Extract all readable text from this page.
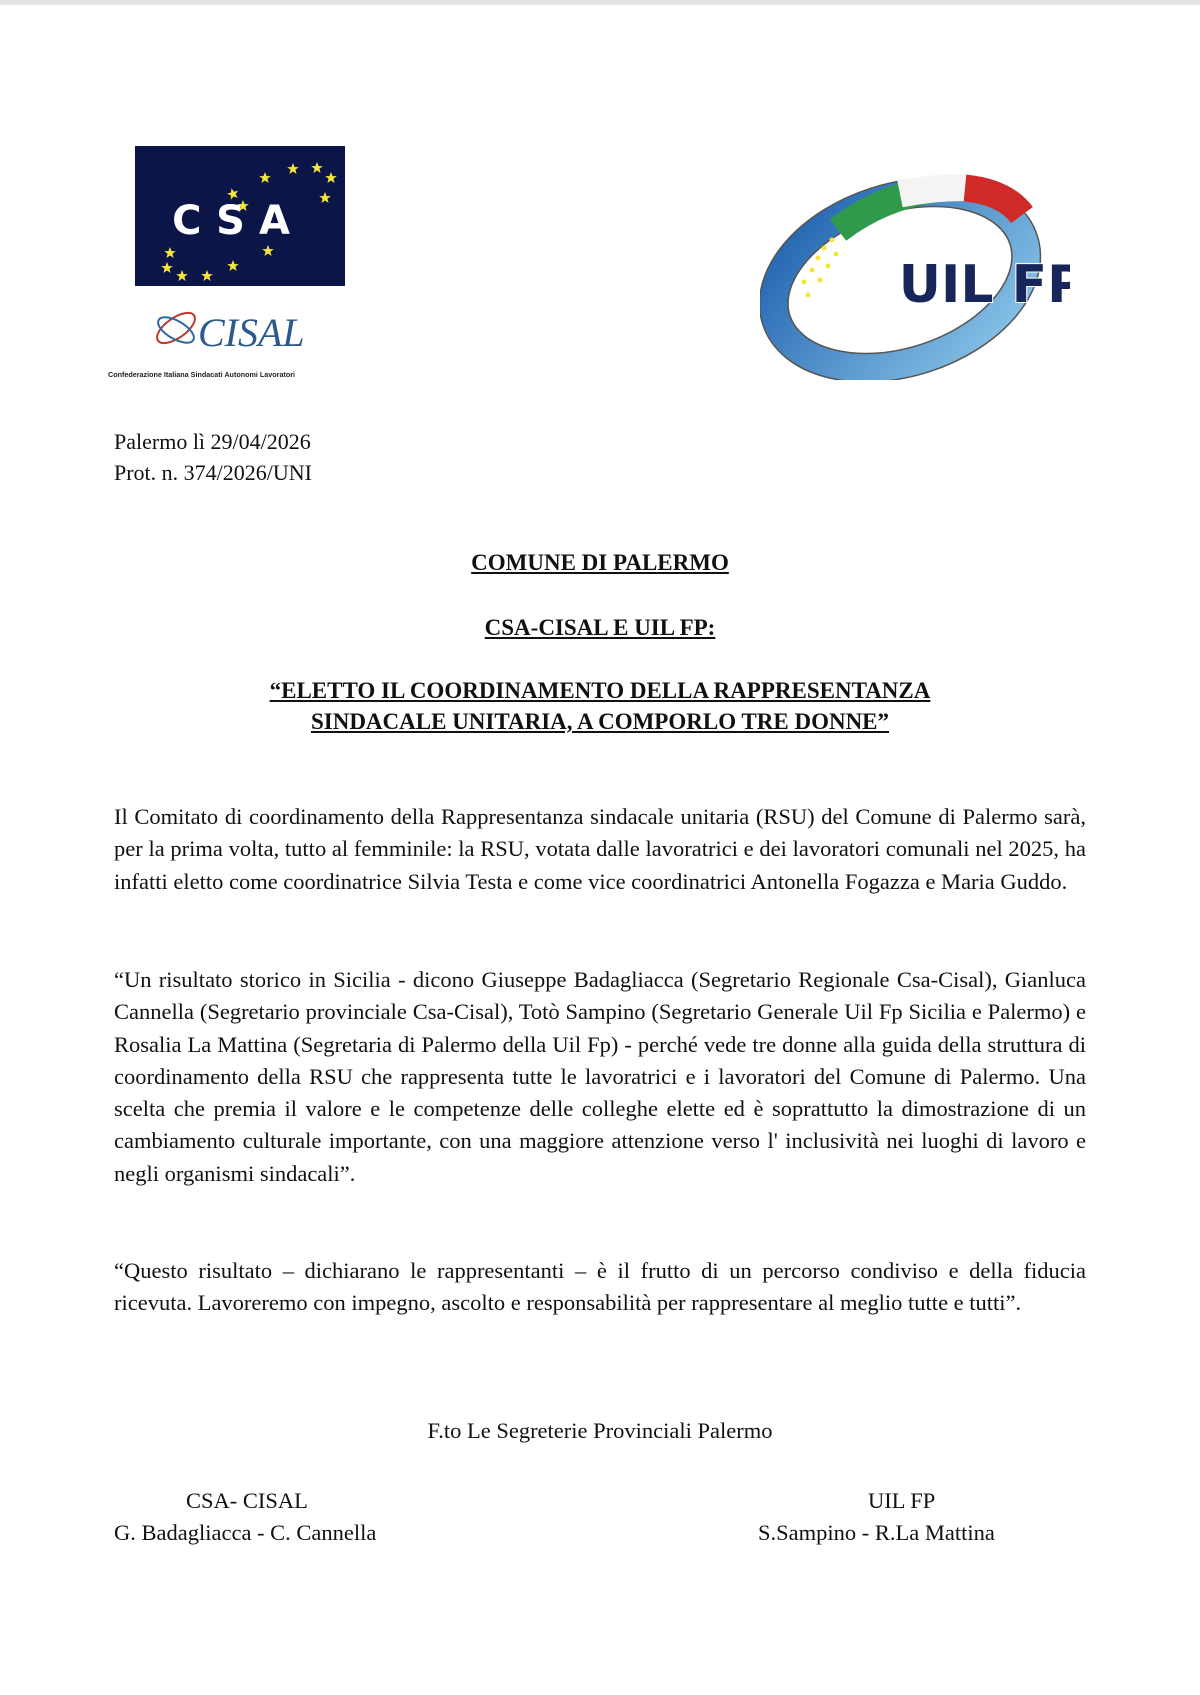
CSA
CISAL
Confederazione Italiana Sindacati Autonomi Lavoratori
UIL FP
Palermo lì 29/04/2026
Prot. n. 374/2026/UNI
COMUNE DI PALERMO
CSA-CISAL E UIL FP:
“ELETTO IL COORDINAMENTO DELLA RAPPRESENTANZA
SINDACALE UNITARIA, A COMPORLO TRE DONNE”

Il Comitato di coordinamento della Rappresentanza sindacale unitaria (RSU) del Comune di Palermo sarà, per la prima volta, tutto al femminile: la RSU, votata dalle lavoratrici e dei lavoratori comunali nel 2025, ha infatti eletto come coordinatrice Silvia Testa e come vice coordinatrici Antonella Fogazza e Maria Guddo.

“Un risultato storico in Sicilia - dicono Giuseppe Badagliacca (Segretario Regionale Csa-Cisal), Gianluca Cannella (Segretario provinciale Csa-Cisal), Totò Sampino (Segretario Generale Uil Fp Sicilia e Palermo) e Rosalia La Mattina (Segretaria di Palermo della Uil Fp) - perché vede tre donne alla guida della struttura di coordinamento della RSU che rappresenta tutte le lavoratrici e i lavoratori del Comune di Palermo. Una scelta che premia il valore e le competenze delle colleghe elette ed è soprattutto la dimostrazione di un cambiamento culturale importante, con una maggiore attenzione verso l' inclusività nei luoghi di lavoro e negli organismi sindacali”.

“Questo risultato – dichiarano le rappresentanti – è il frutto di un percorso condiviso e della fiducia ricevuta. Lavoreremo con impegno, ascolto e responsabilità per rappresentare al meglio tutte e tutti”.

F.to Le Segreterie Provinciali Palermo
CSA- CISAL
G. Badagliacca - C. Cannella
UIL FP
S.Sampino - R.La Mattina
